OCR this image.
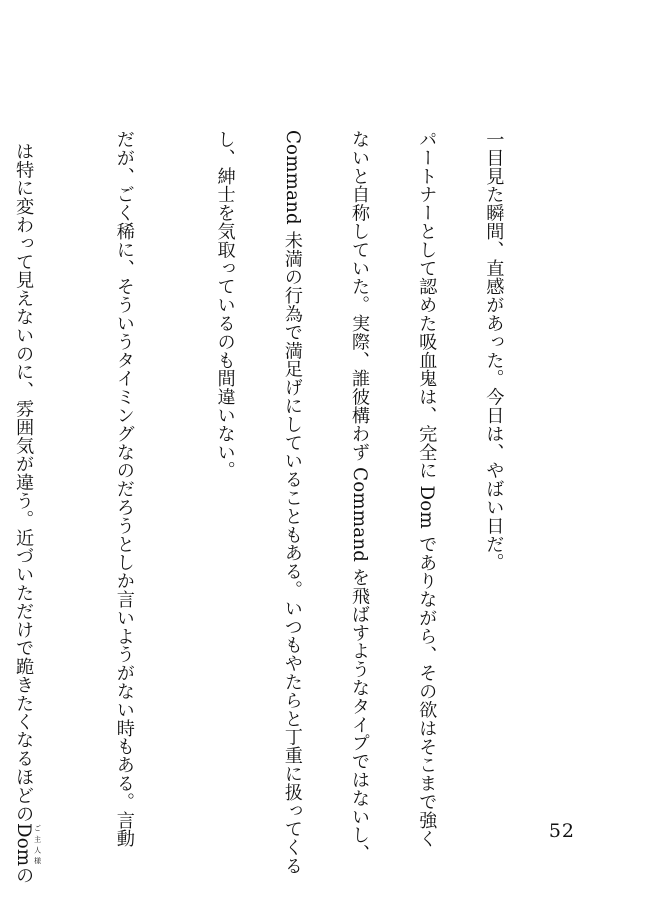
一目見た瞬間、直感があった。今日は、やばい日だ。

パートナーとして認めた吸血鬼は、完全に Dom でありながら、その欲はそこまで強く

ないと自称していた。実際、誰彼構わず Command を飛ばすようなタイプではないし、

Command 未満の行為で満足げにしていることもある。いつもやたらと丁重に扱ってくる

し、紳士を気取っているのも間違いない。

だが、ごく稀に、そういうタイミングなのだろうとしか言いようがない時もある。言動

は特に変わって見えないのに、雰囲気が違う。近づいただけで跪きたくなるほどのDom ご主人様の

52
